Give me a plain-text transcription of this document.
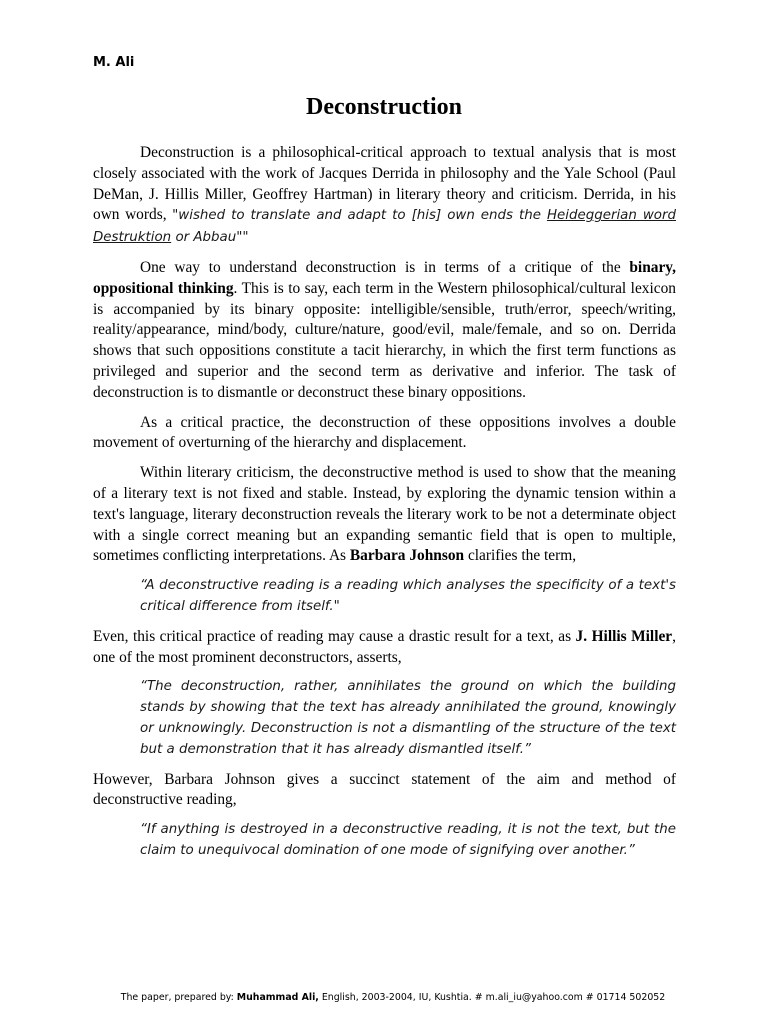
M. Ali
Deconstruction

Deconstruction is a philosophical-critical approach to textual analysis that is most closely associated with the work of Jacques Derrida in philosophy and the Yale School (Paul DeMan, J. Hillis Miller, Geoffrey Hartman) in literary theory and criticism. Derrida, in his own words, "wished to translate and adapt to [his] own ends the Heideggerian word Destruktion or Abbau""

One way to understand deconstruction is in terms of a critique of the binary, oppositional thinking. This is to say, each term in the Western philosophical/cultural lexicon is accompanied by its binary opposite: intelligible/sensible, truth/error, speech/writing, reality/appearance, mind/body, culture/nature, good/evil, male/female, and so on. Derrida shows that such oppositions constitute a tacit hierarchy, in which the first term functions as privileged and superior and the second term as derivative and inferior. The task of deconstruction is to dismantle or deconstruct these binary oppositions.

As a critical practice, the deconstruction of these oppositions involves a double movement of overturning of the hierarchy and displacement.

Within literary criticism, the deconstructive method is used to show that the meaning of a literary text is not fixed and stable. Instead, by exploring the dynamic tension within a text's language, literary deconstruction reveals the literary work to be not a determinate object with a single correct meaning but an expanding semantic field that is open to multiple, sometimes conflicting interpretations. As Barbara Johnson clarifies the term,

“A deconstructive reading is a reading which analyses the specificity of a text's critical difference from itself."

Even, this critical practice of reading may cause a drastic result for a text, as J. Hillis Miller, one of the most prominent deconstructors, asserts,

“The deconstruction, rather, annihilates the ground on which the building stands by showing that the text has already annihilated the ground, knowingly or unknowingly. Deconstruction is not a dismantling of the structure of the text but a demonstration that it has already dismantled itself.”

However, Barbara Johnson gives a succinct statement of the aim and method of deconstructive reading,

“If anything is destroyed in a deconstructive reading, it is not the text, but the claim to unequivocal domination of one mode of signifying over another.”

The paper, prepared by: Muhammad Ali, English, 2003-2004, IU, Kushtia. # m.ali_iu@yahoo.com # 01714 502052
